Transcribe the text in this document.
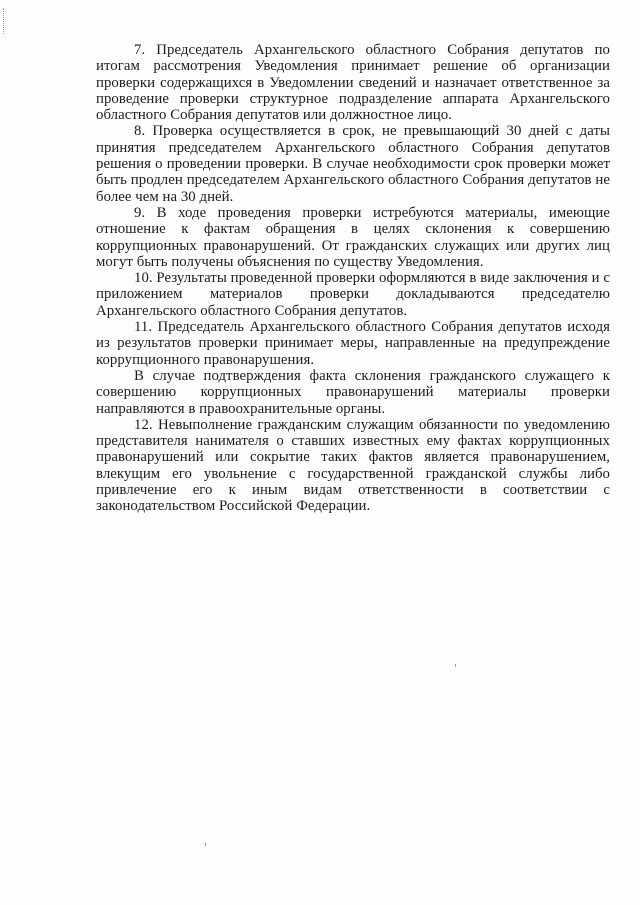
7. Председатель Архангельского областного Собрания депутатов по итогам рассмотрения Уведомления принимает решение об организации проверки содержащихся в Уведомлении сведений и назначает ответственное за проведение проверки структурное подразделение аппарата Архангельского областного Собрания депутатов или должностное лицо.

8. Проверка осуществляется в срок, не превышающий 30 дней с даты принятия председателем Архангельского областного Собрания депутатов решения о проведении проверки. В случае необходимости срок проверки может быть продлен председателем Архангельского областного Собрания депутатов не более чем на 30 дней.

9. В ходе проведения проверки истребуются материалы, имеющие отношение к фактам обращения в целях склонения к совершению коррупционных правонарушений. От гражданских служащих или других лиц могут быть получены объяснения по существу Уведомления.

10. Результаты проведенной проверки оформляются в виде заключения и с приложением материалов проверки докладываются председателю Архангельского областного Собрания депутатов.

11. Председатель Архангельского областного Собрания депутатов исходя из результатов проверки принимает меры, направленные на предупреждение коррупционного правонарушения.

В случае подтверждения факта склонения гражданского служащего к совершению коррупционных правонарушений материалы проверки направляются в правоохранительные органы.

12. Невыполнение гражданским служащим обязанности по уведомлению представителя нанимателя о ставших известных ему фактах коррупционных правонарушений или сокрытие таких фактов является правонарушением, влекущим его увольнение с государственной гражданской службы либо привлечение его к иным видам ответственности в соответствии с законодательством Российской Федерации.
